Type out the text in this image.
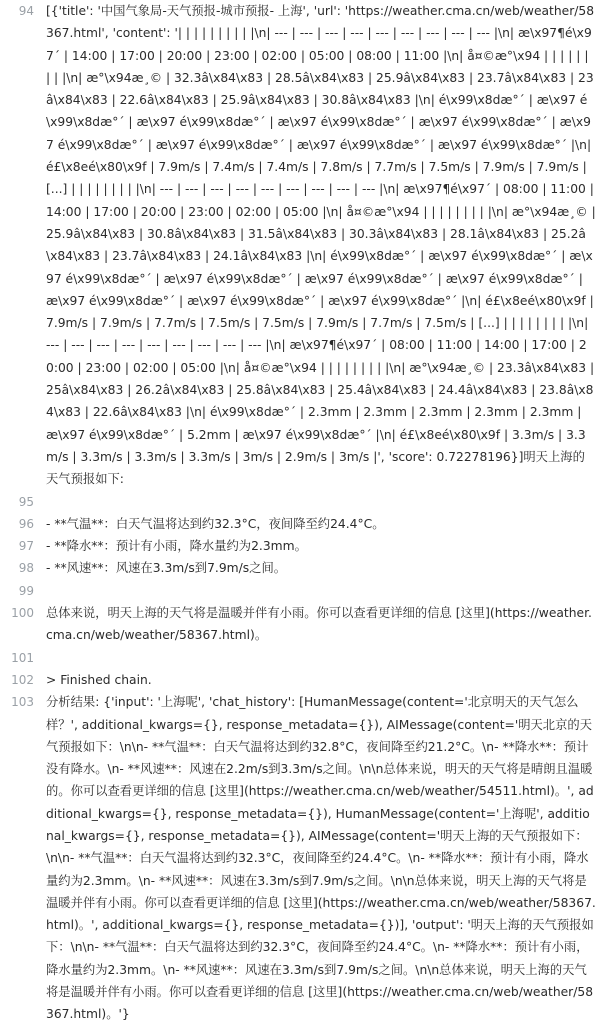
94 [{'title': '中国气象局-天气预报-城市预报- 上海', 'url': 'https://weather.cma.cn/web/weather/58367.html', 'content': '| | | | | | | | | |\n| --- | --- | --- | --- | --- | --- | --- | --- | --- |\n| æ\x97¶é\x97´ | 14:00 | 17:00 | 20:00 | 23:00 | 02:00 | 05:00 | 08:00 | 11:00 |\n| å¤©æ°\x94 | | | | | | | | |\n| æ°\x94æ¸© | 32.3â\x84\x83 | 28.5â\x84\x83 | 25.9â\x84\x83 | 23.7â\x84\x83 | 23â\x84\x83 | 22.6â\x84\x83 | 25.9â\x84\x83 | 30.8â\x84\x83 |\n| é\x99\x8dæ°´ | æ\x97 é\x99\x8dæ°´ | æ\x97 é\x99\x8dæ°´ | æ\x97 é\x99\x8dæ°´ | æ\x97 é\x99\x8dæ°´ | æ\x97 é\x99\x8dæ°´ | æ\x97 é\x99\x8dæ°´ | æ\x97 é\x99\x8dæ°´ | æ\x97 é\x99\x8dæ°´ |\n| é£\x8eé\x80\x9f | 7.9m/s | 7.4m/s | 7.4m/s | 7.8m/s | 7.7m/s | 7.5m/s | 7.9m/s | 7.9m/s | [...] | | | | | | | | |\n| --- | --- | --- | --- | --- | --- | --- | --- | --- |\n| æ\x97¶é\x97´ | 08:00 | 11:00 | 14:00 | 17:00 | 20:00 | 23:00 | 02:00 | 05:00 |\n| å¤©æ°\x94 | | | | | | | | |\n| æ°\x94æ¸© | 25.9â\x84\x83 | 30.8â\x84\x83 | 31.5â\x84\x83 | 30.3â\x84\x83 | 28.1â\x84\x83 | 25.2â\x84\x83 | 23.7â\x84\x83 | 24.1â\x84\x83 |\n| é\x99\x8dæ°´ | æ\x97 é\x99\x8dæ°´ | æ\x97 é\x99\x8dæ°´ | æ\x97 é\x99\x8dæ°´ | æ\x97 é\x99\x8dæ°´ | æ\x97 é\x99\x8dæ°´ | æ\x97 é\x99\x8dæ°´ | æ\x97 é\x99\x8dæ°´ | æ\x97 é\x99\x8dæ°´ |\n| é£\x8eé\x80\x9f | 7.9m/s | 7.9m/s | 7.7m/s | 7.5m/s | 7.5m/s | 7.9m/s | 7.7m/s | 7.5m/s | [...] | | | | | | | | |\n| --- | --- | --- | --- | --- | --- | --- | --- | --- |\n| æ\x97¶é\x97´ | 08:00 | 11:00 | 14:00 | 17:00 | 20:00 | 23:00 | 02:00 | 05:00 |\n| å¤©æ°\x94 | | | | | | | | |\n| æ°\x94æ¸© | 23.3â\x84\x83 | 25â\x84\x83 | 26.2â\x84\x83 | 25.8â\x84\x83 | 25.4â\x84\x83 | 24.4â\x84\x83 | 23.8â\x84\x83 | 22.6â\x84\x83 |\n| é\x99\x8dæ°´ | 2.3mm | 2.3mm | 2.3mm | 2.3mm | 2.3mm | æ\x97 é\x99\x8dæ°´ | 5.2mm | æ\x97 é\x99\x8dæ°´ |\n| é£\x8eé\x80\x9f | 3.3m/s | 3.3m/s | 3.3m/s | 3.3m/s | 3.3m/s | 3m/s | 2.9m/s | 3m/s |', 'score': 0.72278196}]明天上海的天气预报如下:
95
96 - **气温**：白天气温将达到约32.3°C，夜间降至约24.4°C。
97 - **降水**：预计有小雨，降水量约为2.3mm。
98 - **风速**：风速在3.3m/s到7.9m/s之间。
99
100 总体来说，明天上海的天气将是温暖并伴有小雨。你可以查看更详细的信息 [这里](https://weather.cma.cn/web/weather/58367.html)。
101
102 > Finished chain.
103 分析结果: {'input': '上海呢', 'chat_history': [HumanMessage(content='北京明天的天气怎么样？', additional_kwargs={}, response_metadata={}), AIMessage(content='明天北京的天气预报如下：\n\n- **气温**：白天气温将达到约32.8°C，夜间降至约21.2°C。\n- **降水**：预计没有降水。\n- **风速**：风速在2.2m/s到3.3m/s之间。\n\n总体来说，明天的天气将是晴朗且温暖的。你可以查看更详细的信息 [这里](https://weather.cma.cn/web/weather/54511.html)。', additional_kwargs={}, response_metadata={}), HumanMessage(content='上海呢', additional_kwargs={}, response_metadata={}), AIMessage(content='明天上海的天气预报如下：\n\n- **气温**：白天气温将达到约32.3°C，夜间降至约24.4°C。\n- **降水**：预计有小雨，降水量约为2.3mm。\n- **风速**：风速在3.3m/s到7.9m/s之间。\n\n总体来说，明天上海的天气将是温暖并伴有小雨。你可以查看更详细的信息 [这里](https://weather.cma.cn/web/weather/58367.html)。', additional_kwargs={}, response_metadata={})], 'output': '明天上海的天气预报如下：\n\n- **气温**：白天气温将达到约32.3°C，夜间降至约24.4°C。\n- **降水**：预计有小雨，降水量约为2.3mm。\n- **风速**：风速在3.3m/s到7.9m/s之间。\n\n总体来说，明天上海的天气将是温暖并伴有小雨。你可以查看更详细的信息 [这里](https://weather.cma.cn/web/weather/58367.html)。'}
